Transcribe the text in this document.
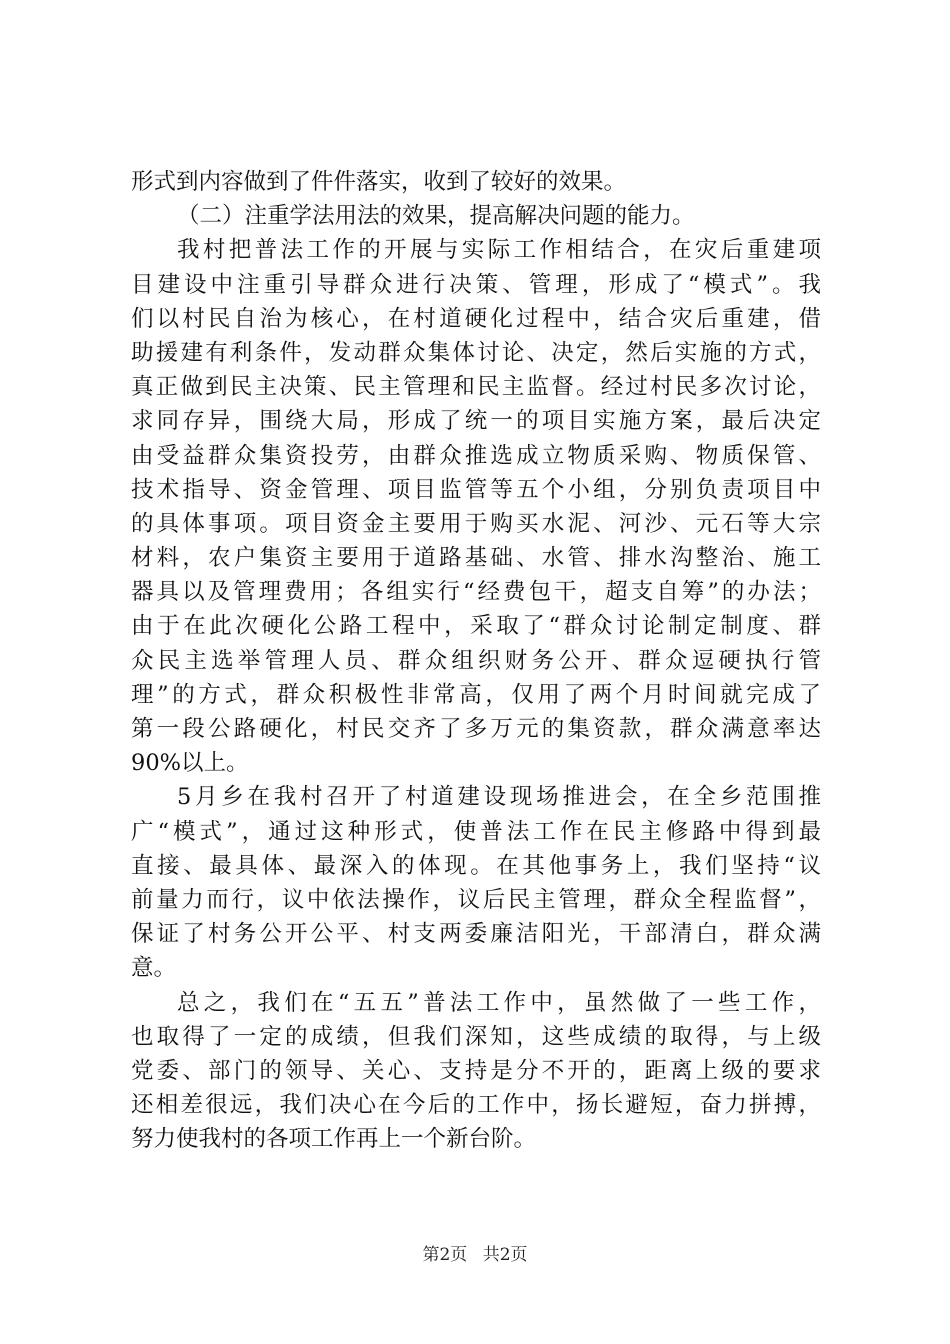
形式到内容做到了件件落实，收到了较好的效果。
（二）注重学法用法的效果，提高解决问题的能力。
我村把普法工作的开展与实际工作相结合，在灾后重建项
目建设中注重引导群众进行决策、管理，形成了“模式”。我
们以村民自治为核心，在村道硬化过程中，结合灾后重建，借
助援建有利条件，发动群众集体讨论、决定，然后实施的方式，
真正做到民主决策、民主管理和民主监督。经过村民多次讨论，
求同存异，围绕大局，形成了统一的项目实施方案，最后决定
由受益群众集资投劳，由群众推选成立物质采购、物质保管、
技术指导、资金管理、项目监管等五个小组，分别负责项目中
的具体事项。项目资金主要用于购买水泥、河沙、元石等大宗
材料，农户集资主要用于道路基础、水管、排水沟整治、施工
器具以及管理费用；各组实行“经费包干，超支自筹”的办法；
由于在此次硬化公路工程中，采取了“群众讨论制定制度、群
众民主选举管理人员、群众组织财务公开、群众逗硬执行管
理”的方式，群众积极性非常高，仅用了两个月时间就完成了
第一段公路硬化，村民交齐了多万元的集资款，群众满意率达
90%以上。
5月乡在我村召开了村道建设现场推进会，在全乡范围推
广“模式”，通过这种形式，使普法工作在民主修路中得到最
直接、最具体、最深入的体现。在其他事务上，我们坚持“议
前量力而行，议中依法操作，议后民主管理，群众全程监督”，
保证了村务公开公平、村支两委廉洁阳光，干部清白，群众满
意。
总之，我们在“五五”普法工作中，虽然做了一些工作，
也取得了一定的成绩，但我们深知，这些成绩的取得，与上级
党委、部门的领导、关心、支持是分不开的，距离上级的要求
还相差很远，我们决心在今后的工作中，扬长避短，奋力拼搏，
努力使我村的各项工作再上一个新台阶。
第2页 共2页
